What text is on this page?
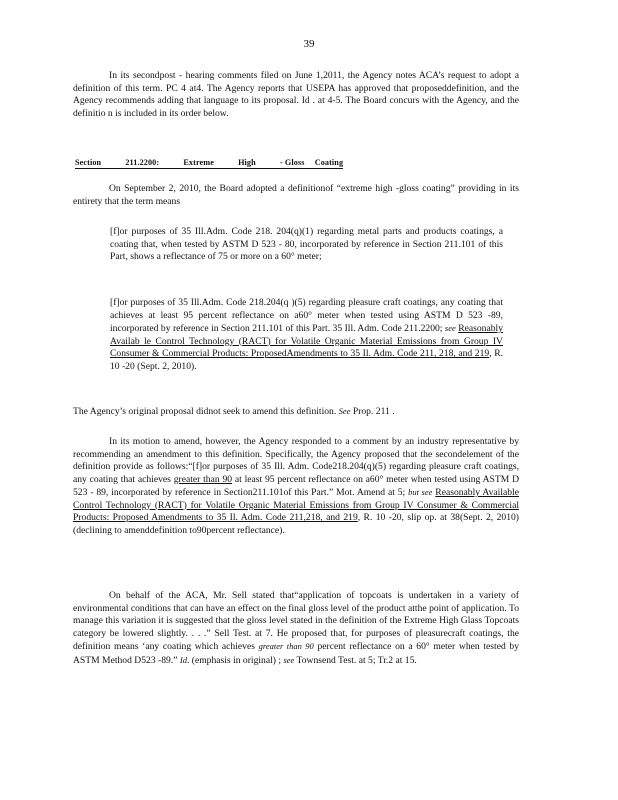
39
In its secondpost - hearing comments filed on June 1,2011, the Agency notes ACA’s request to adopt a definition of this term. PC 4 at4. The Agency reports that USEPA has approved that proposeddefinition, and the Agency recommends adding that language to its proposal. Id . at 4-5. The Board concurs with the Agency, and the definitio n is included in its order below.
Section	211.2200:	Extreme	High	- Gloss Coating
On September 2, 2010, the Board adopted a definitionof “extreme high -gloss coating” providing in its entirety that the term means
[f]or purposes of 35 Ill.Adm. Code 218. 204(q)(1) regarding metal parts and products coatings, a coating that, when tested by ASTM D 523 - 80, incorporated by reference in Section 211.101 of this Part, shows a reflectance of 75 or more on a 60° meter;
[f]or purposes of 35 Ill.Adm. Code 218.204(q )(5) regarding pleasure craft coatings, any coating that achieves at least 95 percent reflectance on a60° meter when tested using ASTM D 523 -89, incorporated by reference in Section 211.101 of this Part. 35 Ill. Adm. Code 211.2200; see Reasonably Availab le Control Technology (RACT) for Volatile Organic Material Emissions from Group IV Consumer & Commercial Products: ProposedAmendments to 35 Il. Adm. Code 211, 218, and 219, R. 10 -20 (Sept. 2, 2010).
The Agency’s original proposal didnot seek to amend this definition. See Prop. 211 .
In its motion to amend, however, the Agency responded to a comment by an industry representative by recommending an amendment to this definition. Specifically, the Agency proposed that the secondelement of the definition provide as follows:“[f]or purposes of 35 Ill. Adm. Code218.204(q)(5) regarding pleasure craft coatings, any coating that achieves greater than 90 at least 95 percent reflectance on a60° meter when tested using ASTM D 523 - 89, incorporated by reference in Section211.101of this Part.” Mot. Amend at 5; but see Reasonably Available Control Technology (RACT) for Volatile Organic Material Emissions from Group IV Consumer & Commercial Products: Proposed Amendments to 35 Il. Adm. Code 211,218, and 219, R. 10 -20, slip op. at 38(Sept. 2, 2010) (declining to amenddefinition to90percent reflectance).
On behalf of the ACA, Mr. Sell stated that“application of topcoats is undertaken in a variety of environmental conditions that can have an effect on the final gloss level of the product atthe point of application. To manage this variation it is suggested that the gloss level stated in the definition of the Extreme High Glass Topcoats category be lowered slightly. . . .” Sell Test. at 7. He proposed that, for purposes of pleasurecraft coatings, the definition means ‘any coating which achieves greater than 90 percent reflectance on a 60° meter when tested by ASTM Method D523 -89.” Id. (emphasis in original) ; see Townsend Test. at 5; Tr.2 at 15.
